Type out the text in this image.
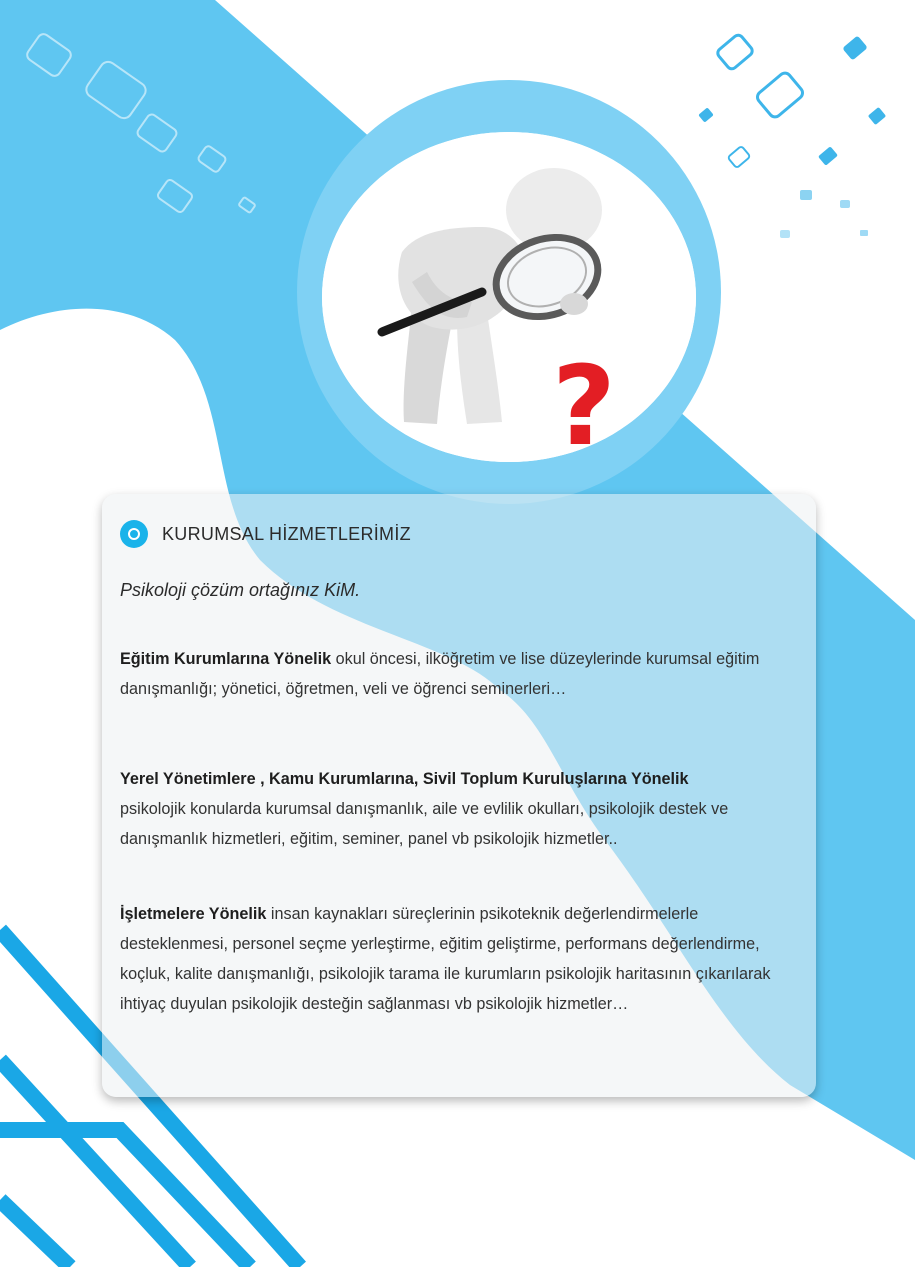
?
KURUMSAL HİZMETLERİMİZ
Psikoloji çözüm ortağınız KiM.
Eğitim Kurumlarına Yönelik okul öncesi, ilköğretim ve lise düzeylerinde kurumsal eğitim danışmanlığı; yönetici, öğretmen, veli ve öğrenci seminerleri…
Yerel Yönetimlere , Kamu Kurumlarına, Sivil Toplum Kuruluşlarına Yönelik
psikolojik konularda kurumsal danışmanlık, aile ve evlilik okulları, psikolojik destek ve danışmanlık hizmetleri, eğitim, seminer, panel vb psikolojik hizmetler..
İşletmelere Yönelik insan kaynakları süreçlerinin psikoteknik değerlendirmelerle desteklenmesi, personel seçme yerleştirme, eğitim geliştirme, performans değerlendirme, koçluk, kalite danışmanlığı, psikolojik tarama ile kurumların psikolojik haritasının çıkarılarak ihtiyaç duyulan psikolojik desteğin sağlanması vb psikolojik hizmetler…
